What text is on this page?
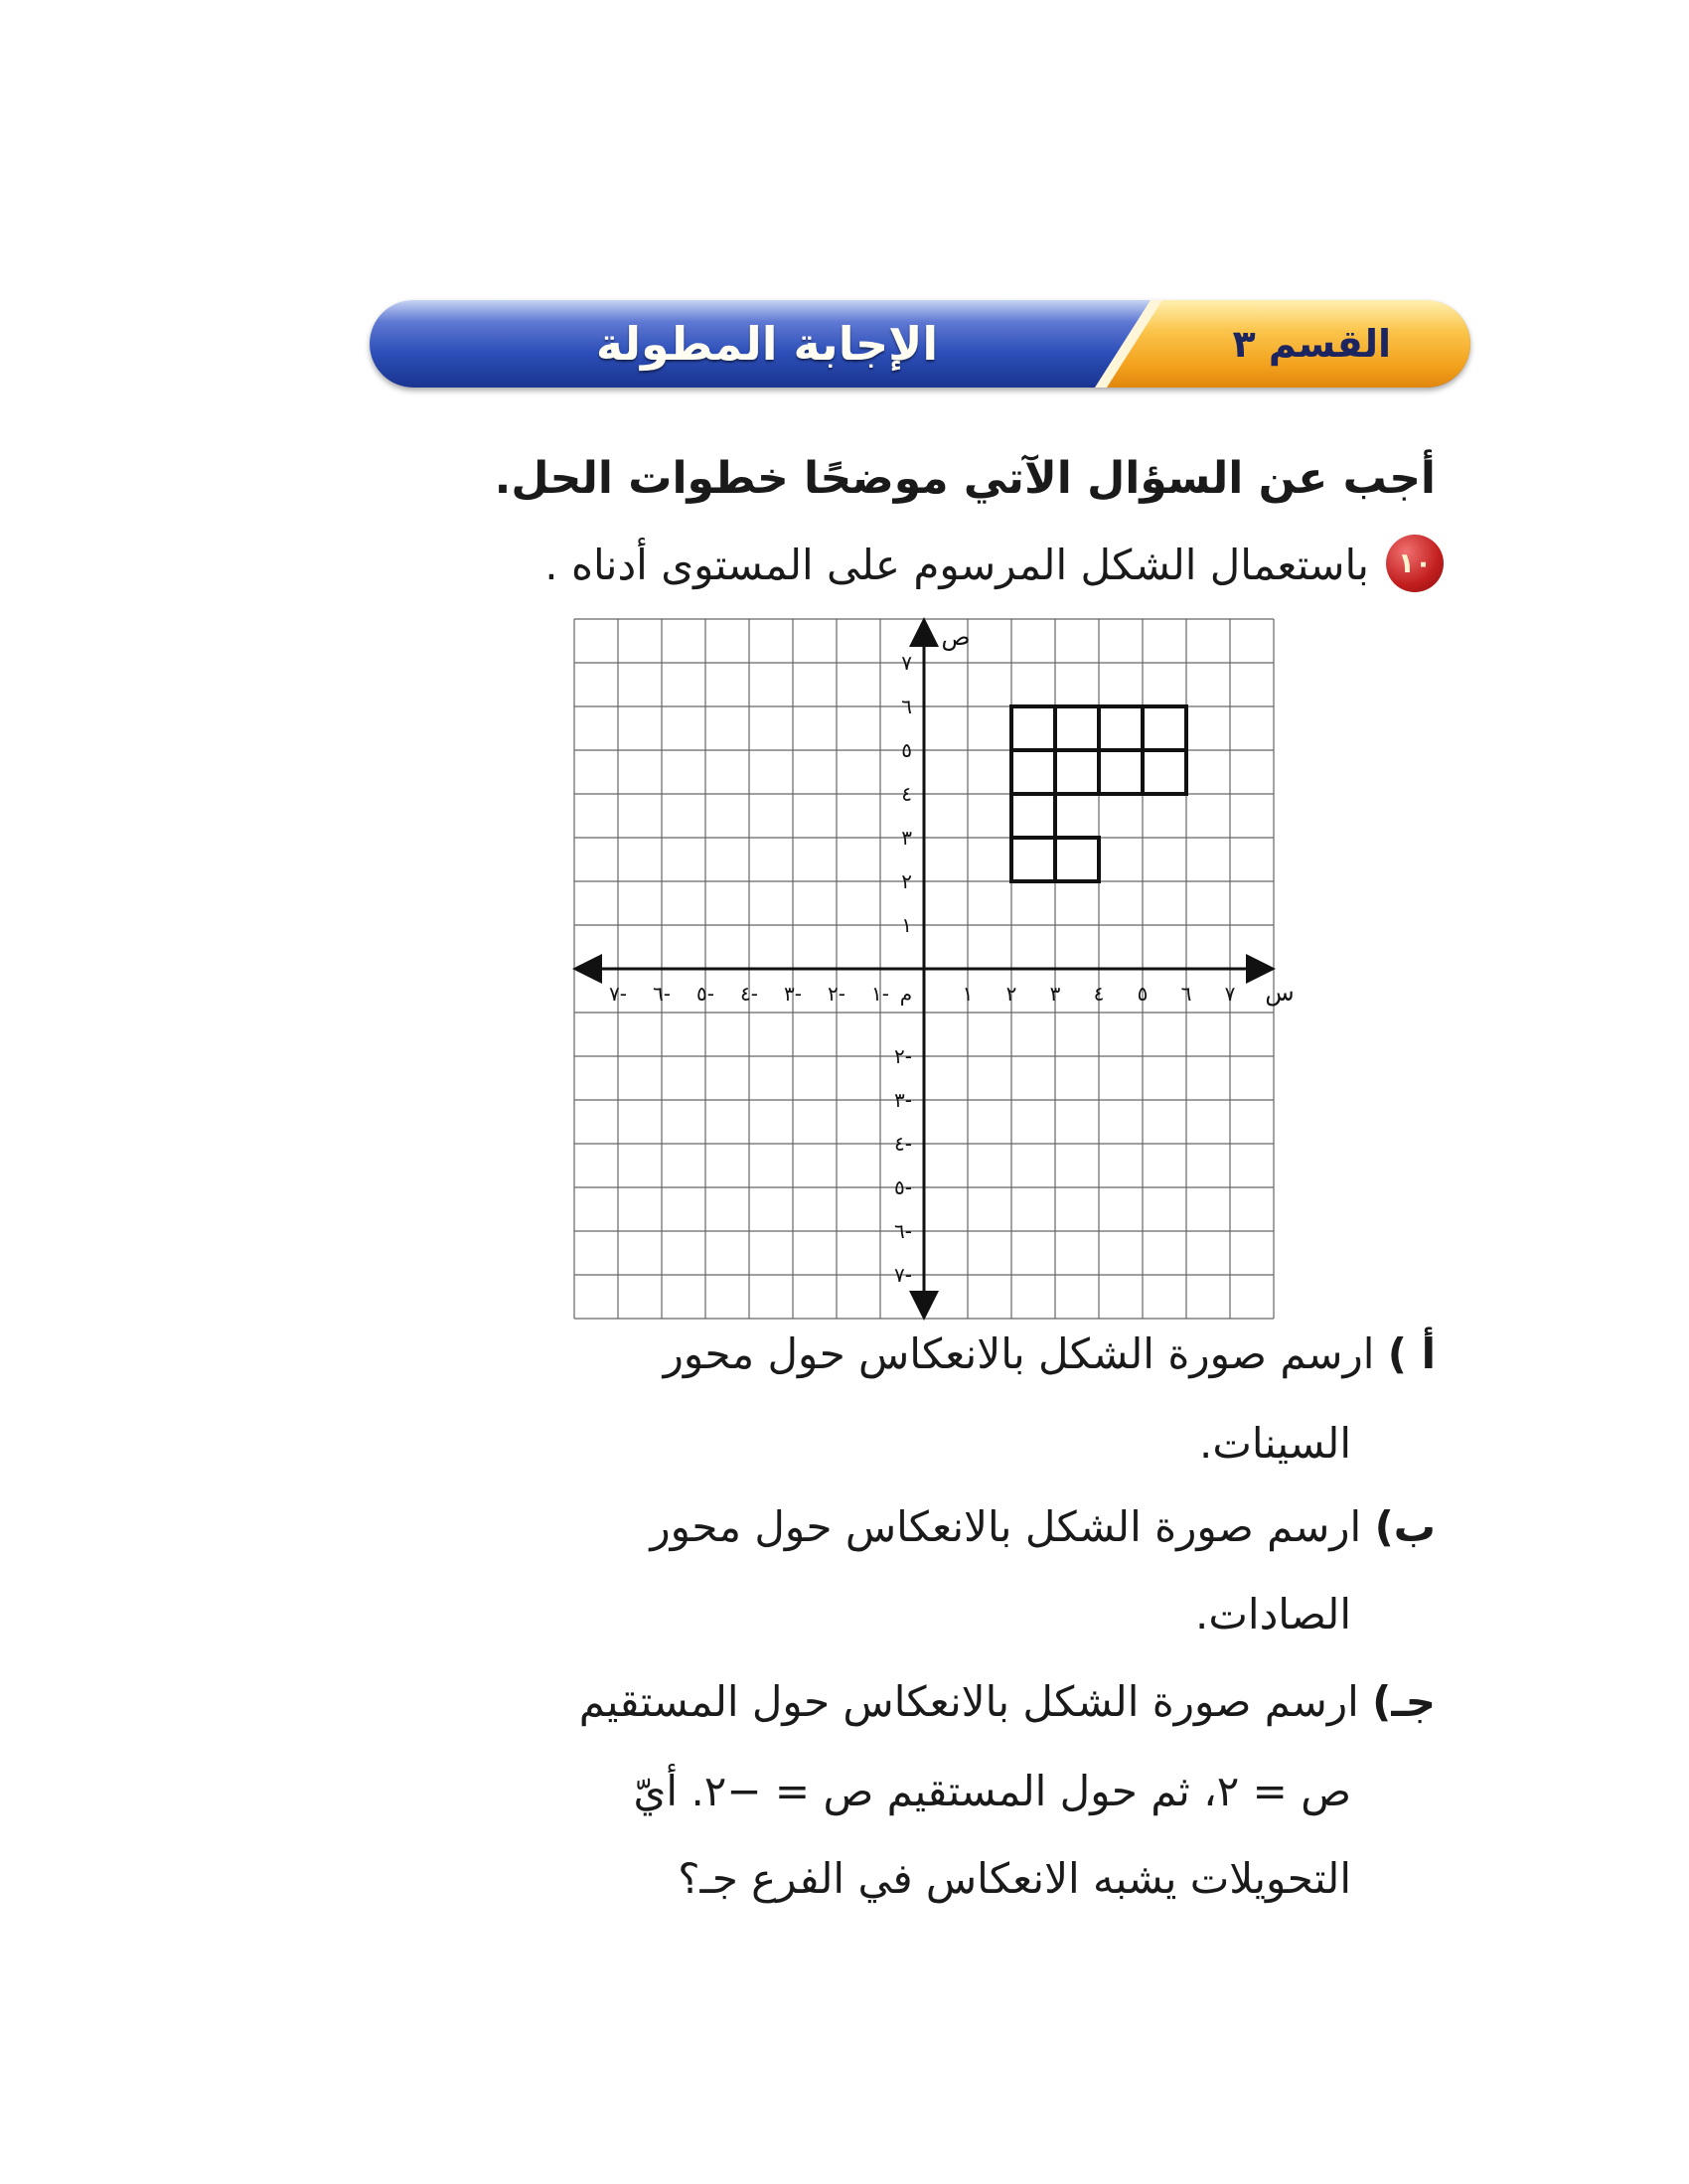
الإجابة المطولة	القسم ٣
أجب عن السؤال الآتي موضحًا خطوات الحل.
١٠
باستعمال الشكل المرسوم على المستوى أدناه .
١ ٢ ٣ ٤ ٥ ٦ ٧
٧- ٦- ٥- ٤- ٣- ٢- ١- م
١
٢
٣
٤
٥
٦
٧
٢-
٣-
٤-
٥-
٦-
٧-
ص
س
أ ) ارسم صورة الشكل بالانعكاس حول محور
السينات.
ب) ارسم صورة الشكل بالانعكاس حول محور
الصادات.
جـ) ارسم صورة الشكل بالانعكاس حول المستقيم
ص = ٢، ثم حول المستقيم ص = −٢. أيّ
التحويلات يشبه الانعكاس في الفرع جـ؟
